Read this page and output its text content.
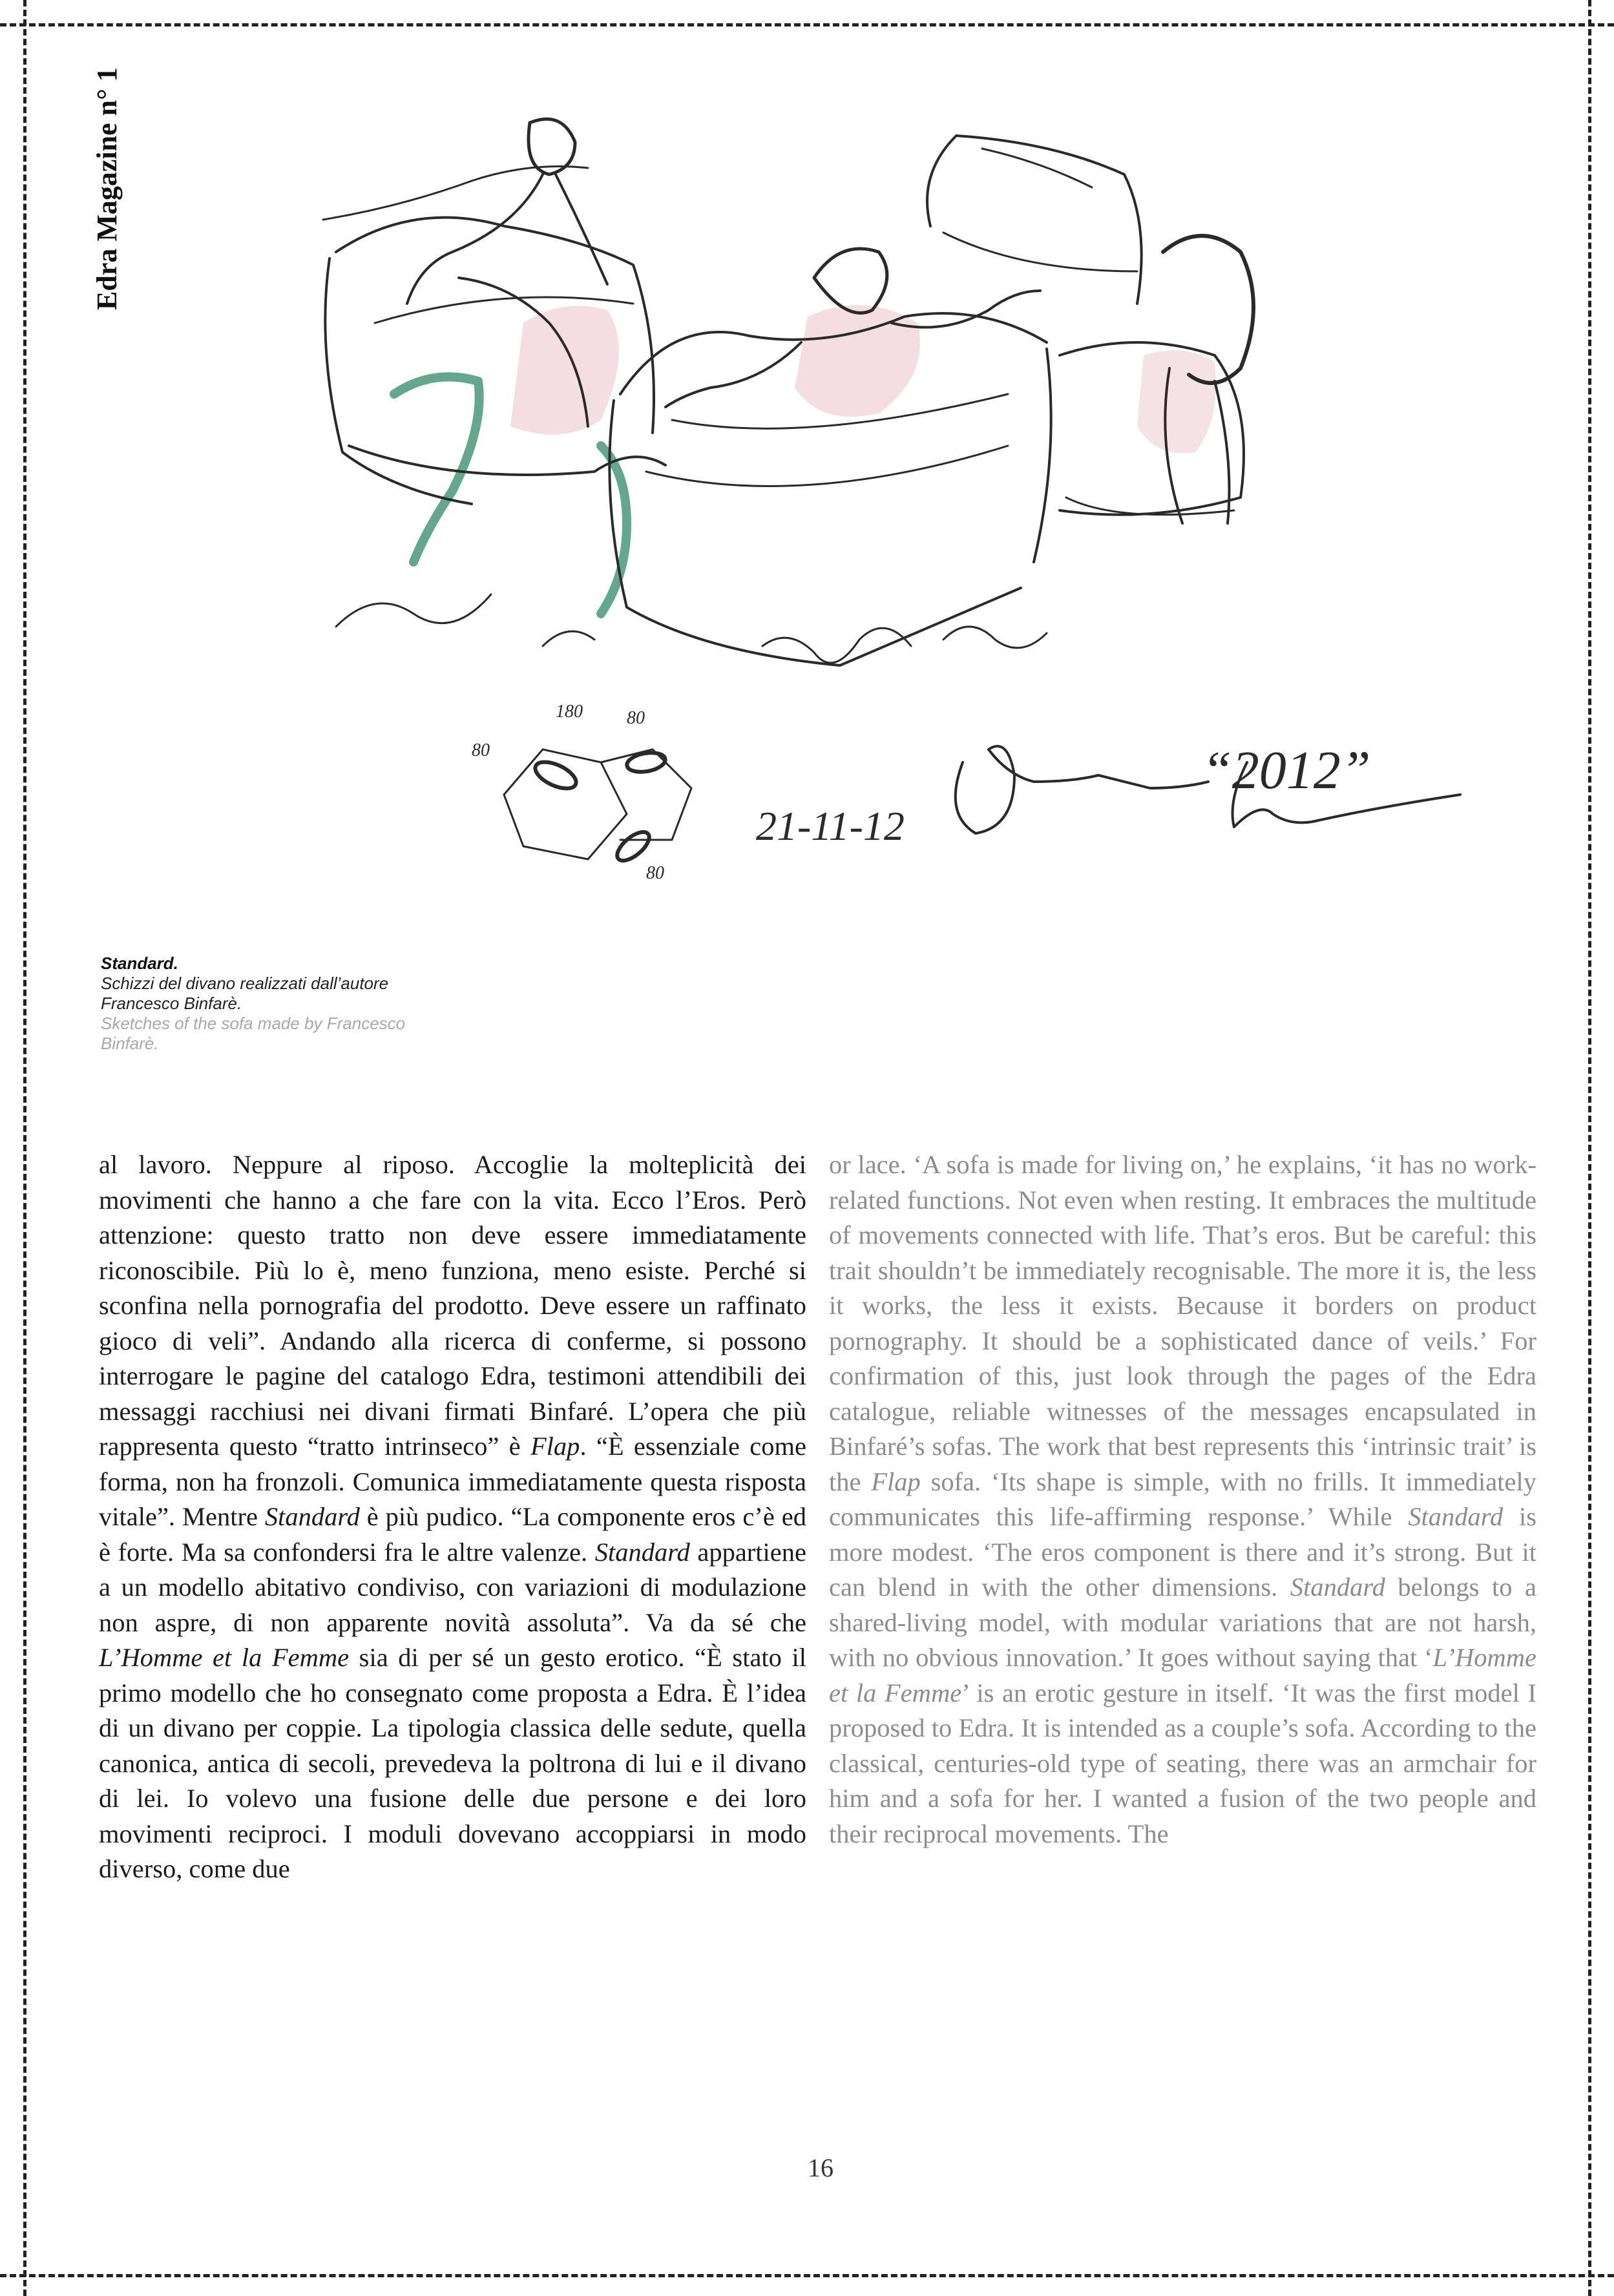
Edra Magazine n° 1
80
180 80
80
“2012”
21-11-12
Standard.
Schizzi del divano realizzati dall’autore Francesco Binfarè.
Sketches of the sofa made by Francesco Binfarè.

al lavoro. Neppure al riposo. Accoglie la molteplicità dei movimenti che hanno a che fare con la vita. Ecco l’Eros. Però attenzione: questo tratto non deve essere immediatamente riconoscibile. Più lo è, meno funziona, meno esiste. Perché si sconfina nella pornografia del prodotto. Deve essere un raffinato gioco di veli”. Andando alla ricerca di conferme, si possono interrogare le pagine del catalogo Edra, testimoni attendibili dei messaggi racchiusi nei divani firmati Binfaré. L’opera che più rappresenta questo “tratto intrinseco” è Flap. “È essenziale come forma, non ha fronzoli. Comunica immediatamente questa risposta vitale”. Mentre Standard è più pudico. “La componente eros c’è ed è forte. Ma sa confondersi fra le altre valenze. Standard appartiene a un modello abitativo condiviso, con variazioni di modulazione non aspre, di non apparente novità assoluta”. Va da sé che L’Homme et la Femme sia di per sé un gesto erotico. “È stato il primo modello che ho consegnato come proposta a Edra. È l’idea di un divano per coppie. La tipologia classica delle sedute, quella canonica, antica di secoli, prevedeva la poltrona di lui e il divano di lei. Io volevo una fusione delle due persone e dei loro movimenti reciproci. I moduli dovevano accoppiarsi in modo diverso, come due

or lace. ‘A sofa is made for living on,’ he explains, ‘it has no work-related functions. Not even when resting. It embraces the multitude of movements connected with life. That’s eros. But be careful: this trait shouldn’t be immediately recognisable. The more it is, the less it works, the less it exists. Because it borders on product pornography. It should be a sophisticated dance of veils.’ For confirmation of this, just look through the pages of the Edra catalogue, reliable witnesses of the messages encapsulated in Binfaré’s sofas. The work that best represents this ‘intrinsic trait’ is the Flap sofa. ‘Its shape is simple, with no frills. It immediately communicates this life-affirming response.’ While Standard is more modest. ‘The eros component is there and it’s strong. But it can blend in with the other dimensions. Standard belongs to a shared-living model, with modular variations that are not harsh, with no obvious innovation.’ It goes without saying that ‘L’Homme et la Femme’ is an erotic gesture in itself. ‘It was the first model I proposed to Edra. It is intended as a couple’s sofa. According to the classical, centuries-old type of seating, there was an armchair for him and a sofa for her. I wanted a fusion of the two people and their reciprocal movements. The

16
